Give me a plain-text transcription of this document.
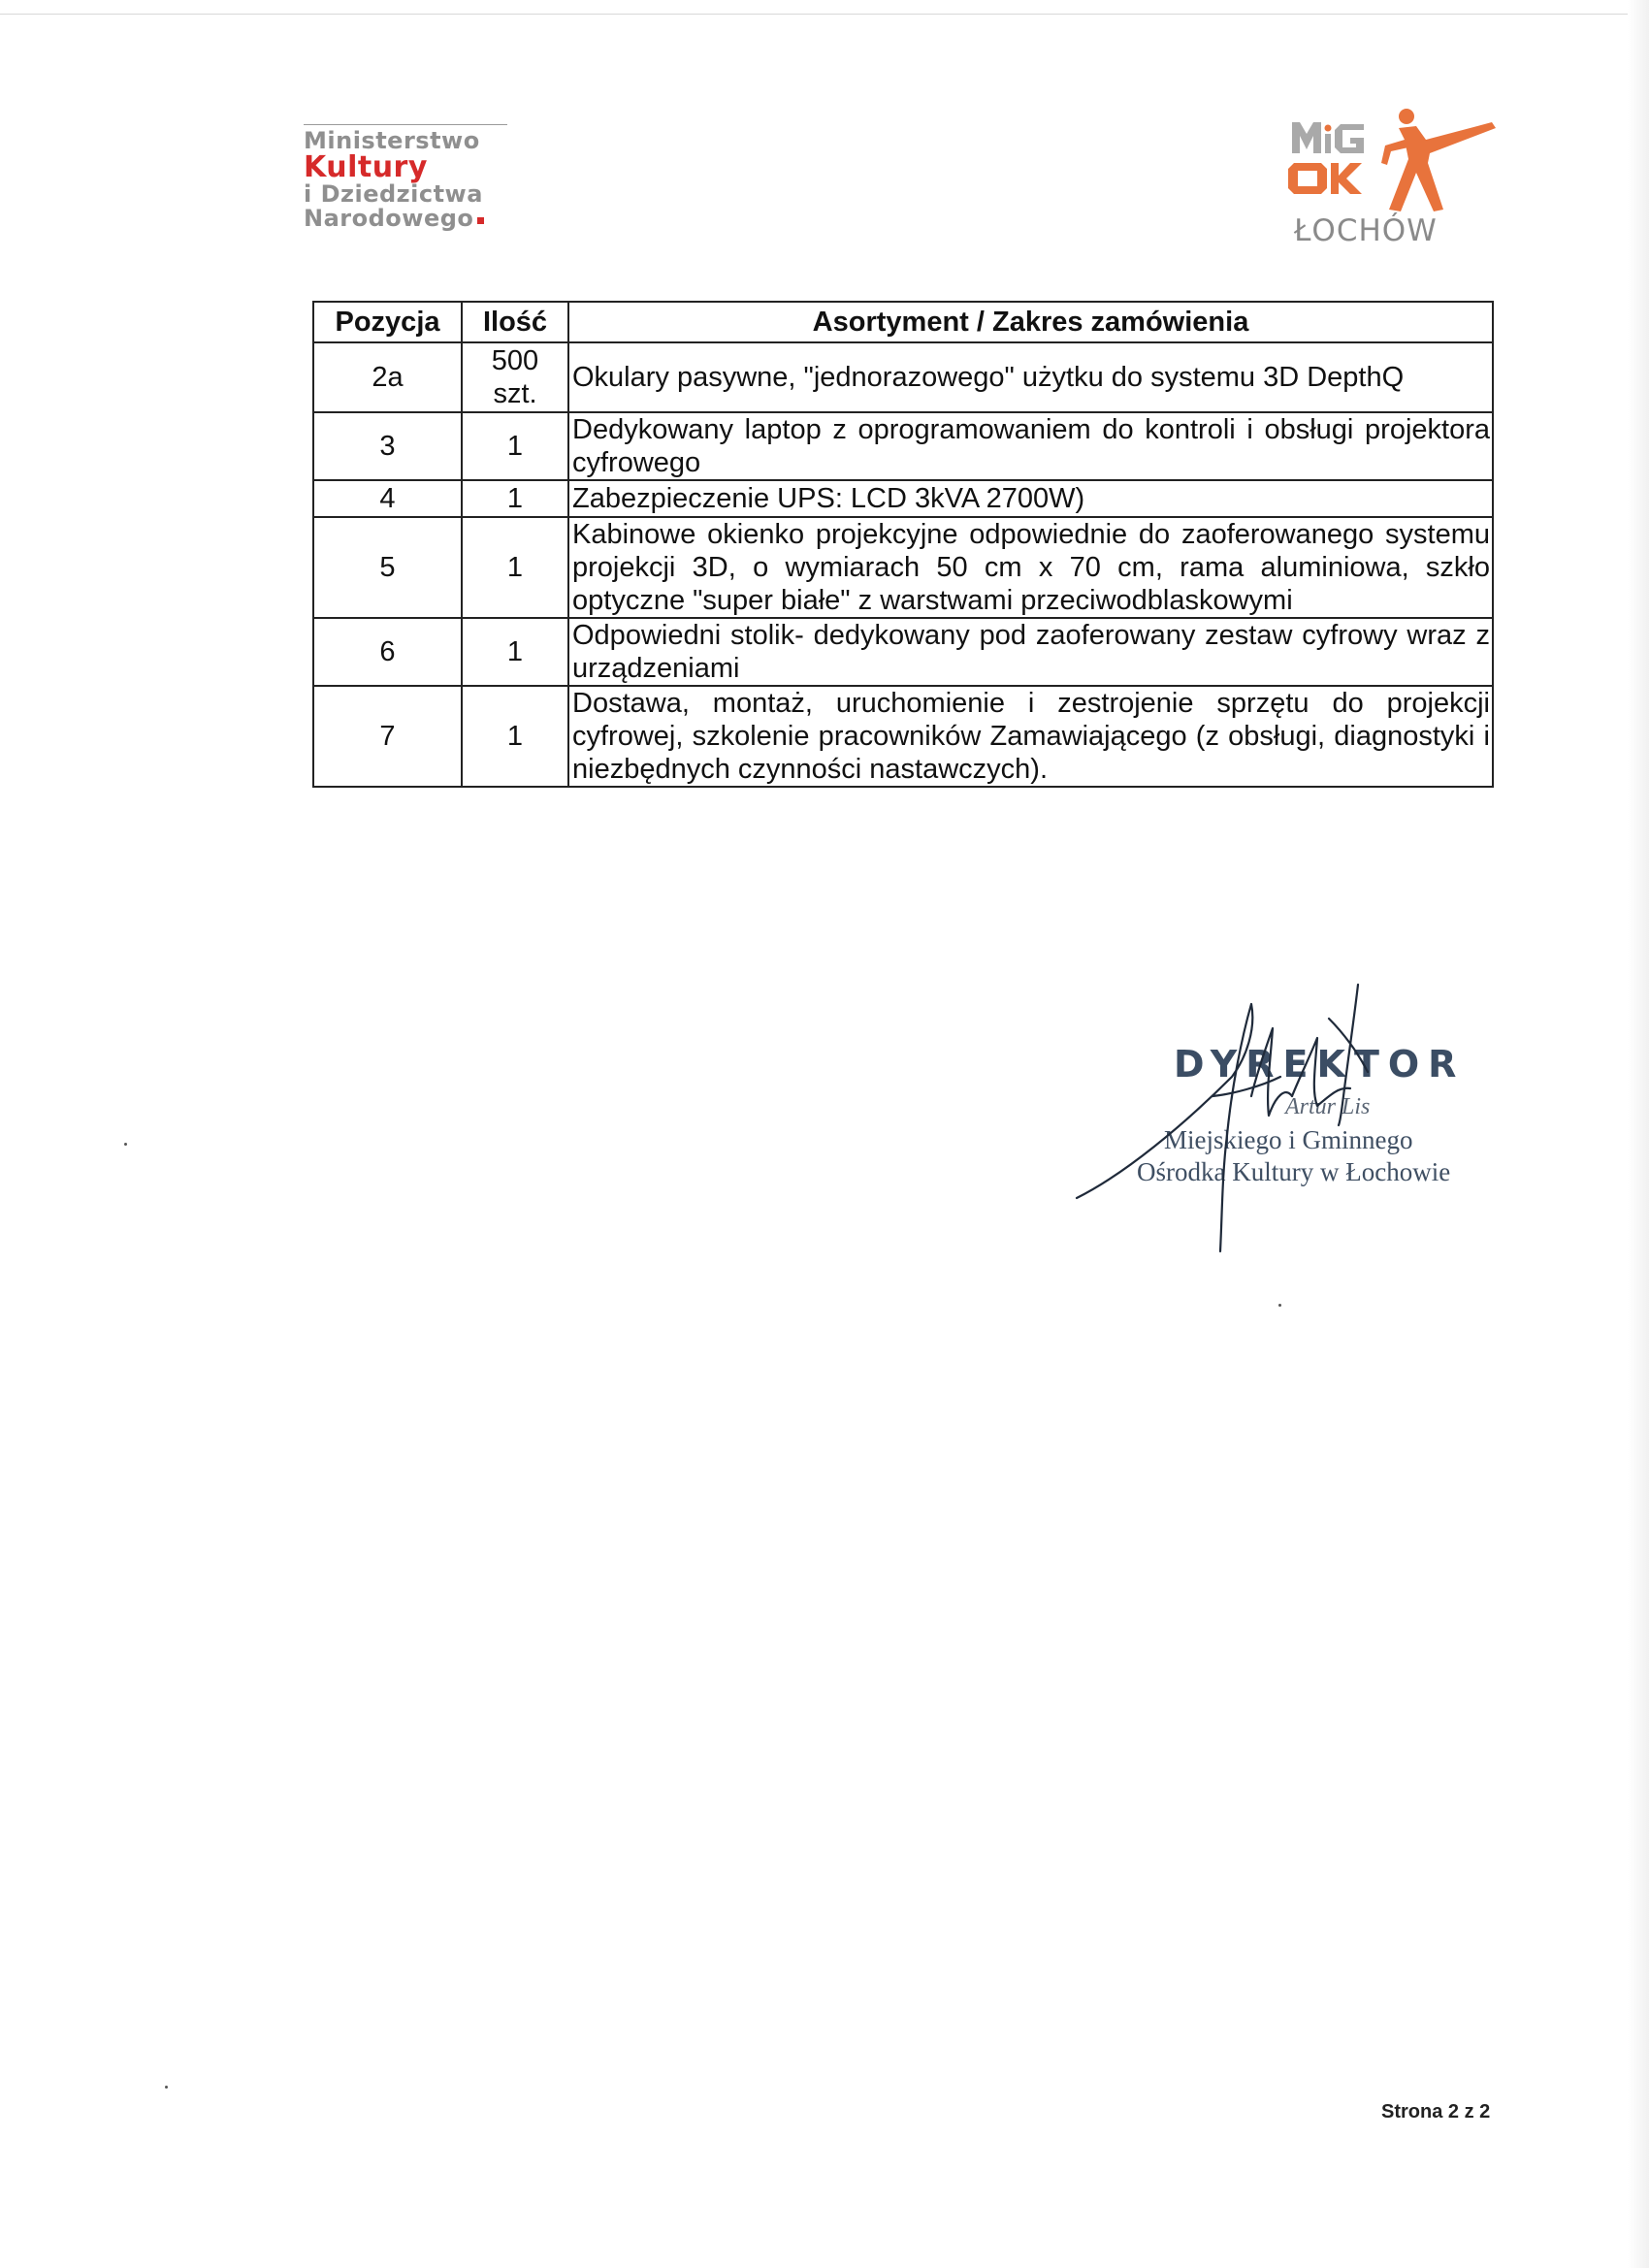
Ministerstwo
Kultury
i Dziedzictwa
Narodowego	ŁOCHÓW
Pozycja	Ilość	Asortyment / Zakres zamówienia
2a	500 szt.	Okulary pasywne, "jednorazowego" użytku do systemu 3D DepthQ
3	1	Dedykowany laptop z oprogramowaniem do kontroli i obsługi projektora cyfrowego
4	1	Zabezpieczenie UPS: LCD 3kVA 2700W)
5	1	Kabinowe okienko projekcyjne odpowiednie do zaoferowanego systemu projekcji 3D, o wymiarach 50 cm x 70 cm, rama aluminiowa, szkło optyczne "super białe" z warstwami przeciwodblaskowymi
6	1	Odpowiedni stolik- dedykowany pod zaoferowany zestaw cyfrowy wraz z urządzeniami
7	1	Dostawa, montaż, uruchomienie i zestrojenie sprzętu do projekcji cyfrowej, szkolenie pracowników Zamawiającego (z obsługi, diagnostyki i niezbędnych czynności nastawczych).
DYREKTOR
Artur Lis
Miejskiego i Gminnego
Ośrodka Kultury w Łochowie
Strona 2 z 2
